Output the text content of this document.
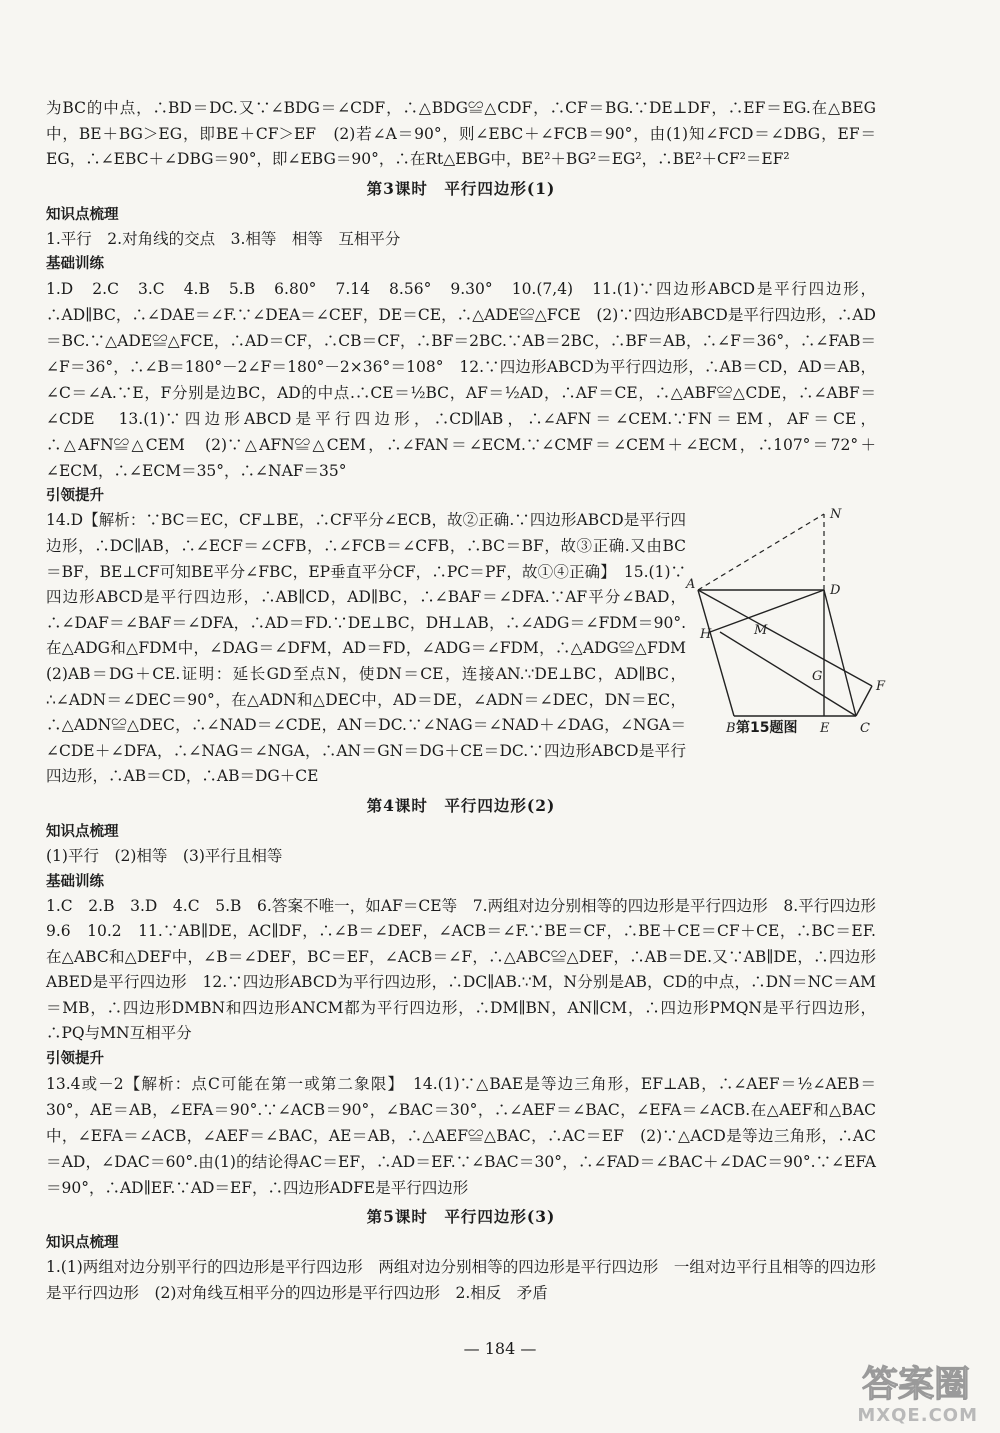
为BC的中点，∴BD＝DC.又∵∠BDG＝∠CDF，∴△BDG≌△CDF，∴CF＝BG.∵DE⊥DF，∴EF＝EG.在△BEG中，BE＋BG＞EG，即BE＋CF＞EF　(2)若∠A＝90°，则∠EBC＋∠FCB＝90°，由(1)知∠FCD＝∠DBG，EF＝EG，∴∠EBC＋∠DBG＝90°，即∠EBG＝90°，∴在Rt△EBG中，BE²＋BG²＝EG²，∴BE²＋CF²＝EF²

第3课时　平行四边形(1)
知识点梳理

1.平行　2.对角线的交点　3.相等　相等　互相平分

基础训练

1.D　2.C　3.C　4.B　5.B　6.80°　7.14　8.56°　9.30°　10.(7,4)　11.(1)∵四边形ABCD是平行四边形，∴AD∥BC，∴∠DAE＝∠F.∵∠DEA＝∠CEF，DE＝CE，∴△ADE≌△FCE　(2)∵四边形ABCD是平行四边形，∴AD＝BC.∵△ADE≌△FCE，∴AD＝CF，∴CB＝CF，∴BF＝2BC.∵AB＝2BC，∴BF＝AB，∴∠F＝36°，∴∠FAB＝∠F＝36°，∴∠B＝180°－2∠F＝180°－2×36°＝108°　12.∵四边形ABCD为平行四边形，∴AB＝CD，AD＝AB，∠C＝∠A.∵E，F分别是边BC，AD的中点.∴CE＝½BC，AF＝½AD，∴AF＝CE，∴△ABF≌△CDE，∴∠ABF＝∠CDE　13.(1)∵四边形ABCD是平行四边形，∴CD∥AB，∴∠AFN＝∠CEM.∵FN＝EM，AF＝CE，∴△AFN≌△CEM　(2)∵△AFN≌△CEM，∴∠FAN＝∠ECM.∵∠CMF＝∠CEM＋∠ECM，∴107°＝72°＋∠ECM，∴∠ECM＝35°，∴∠NAF＝35°

引领提升

N
A	D
H	M
G
F
B	E C
第15题图
14.D【解析：∵BC＝EC，CF⊥BE，∴CF平分∠ECB，故②正确.∵四边形ABCD是平行四边形，∴DC∥AB，∴∠ECF＝∠CFB，∴∠FCB＝∠CFB，∴BC＝BF，故③正确.又由BC＝BF，BE⊥CF可知BE平分∠FBC，EP垂直平分CF，∴PC＝PF，故①④正确】　15.(1)∵四边形ABCD是平行四边形，∴AB∥CD，AD∥BC，∴∠BAF＝∠DFA.∵AF平分∠BAD，∴∠DAF＝∠BAF＝∠DFA，∴AD＝FD.∵DE⊥BC，DH⊥AB，∴∠ADG＝∠FDM＝90°.在△ADG和△FDM中，∠DAG＝∠DFM，AD＝FD，∠ADG＝∠FDM，∴△ADG≌△FDM　(2)AB＝DG＋CE.证明：延长GD至点N，使DN＝CE，连接AN.∵DE⊥BC，AD∥BC，∴∠ADN＝∠DEC＝90°，在△ADN和△DEC中，AD＝DE，∠ADN＝∠DEC，DN＝EC，∴△ADN≌△DEC，∴∠NAD＝∠CDE，AN＝DC.∵∠NAG＝∠NAD＋∠DAG，∠NGA＝∠CDE＋∠DFA，∴∠NAG＝∠NGA，∴AN＝GN＝DG＋CE＝DC.∵四边形ABCD是平行四边形，∴AB＝CD，∴AB＝DG＋CE

第4课时　平行四边形(2)
知识点梳理

(1)平行　(2)相等　(3)平行且相等

基础训练

1.C　2.B　3.D　4.C　5.B　6.答案不唯一，如AF＝CE等　7.两组对边分别相等的四边形是平行四边形　8.平行四边形　9.6　10.2　11.∵AB∥DE，AC∥DF，∴∠B＝∠DEF，∠ACB＝∠F.∵BE＝CF，∴BE＋CE＝CF＋CE，∴BC＝EF.在△ABC和△DEF中，∠B＝∠DEF，BC＝EF，∠ACB＝∠F，∴△ABC≌△DEF，∴AB＝DE.又∵AB∥DE，∴四边形ABED是平行四边形　12.∵四边形ABCD为平行四边形，∴DC∥AB.∵M，N分别是AB，CD的中点，∴DN＝NC＝AM＝MB，∴四边形DMBN和四边形ANCM都为平行四边形，∴DM∥BN，AN∥CM，∴四边形PMQN是平行四边形，∴PQ与MN互相平分

引领提升

13.4或－2【解析：点C可能在第一或第二象限】　14.(1)∵△BAE是等边三角形，EF⊥AB，∴∠AEF＝½∠AEB＝30°，AE＝AB，∠EFA＝90°.∵∠ACB＝90°，∠BAC＝30°，∴∠AEF＝∠BAC，∠EFA＝∠ACB.在△AEF和△BAC中，∠EFA＝∠ACB，∠AEF＝∠BAC，AE＝AB，∴△AEF≌△BAC，∴AC＝EF　(2)∵△ACD是等边三角形，∴AC＝AD，∠DAC＝60°.由(1)的结论得AC＝EF，∴AD＝EF.∵∠BAC＝30°，∴∠FAD＝∠BAC＋∠DAC＝90°.∵∠EFA＝90°，∴AD∥EF.∵AD＝EF，∴四边形ADFE是平行四边形

第5课时　平行四边形(3)
知识点梳理

1.(1)两组对边分别平行的四边形是平行四边形　两组对边分别相等的四边形是平行四边形　一组对边平行且相等的四边形是平行四边形　(2)对角线互相平分的四边形是平行四边形　2.相反　矛盾

— 184 —
答案圈
MXQE.COM
